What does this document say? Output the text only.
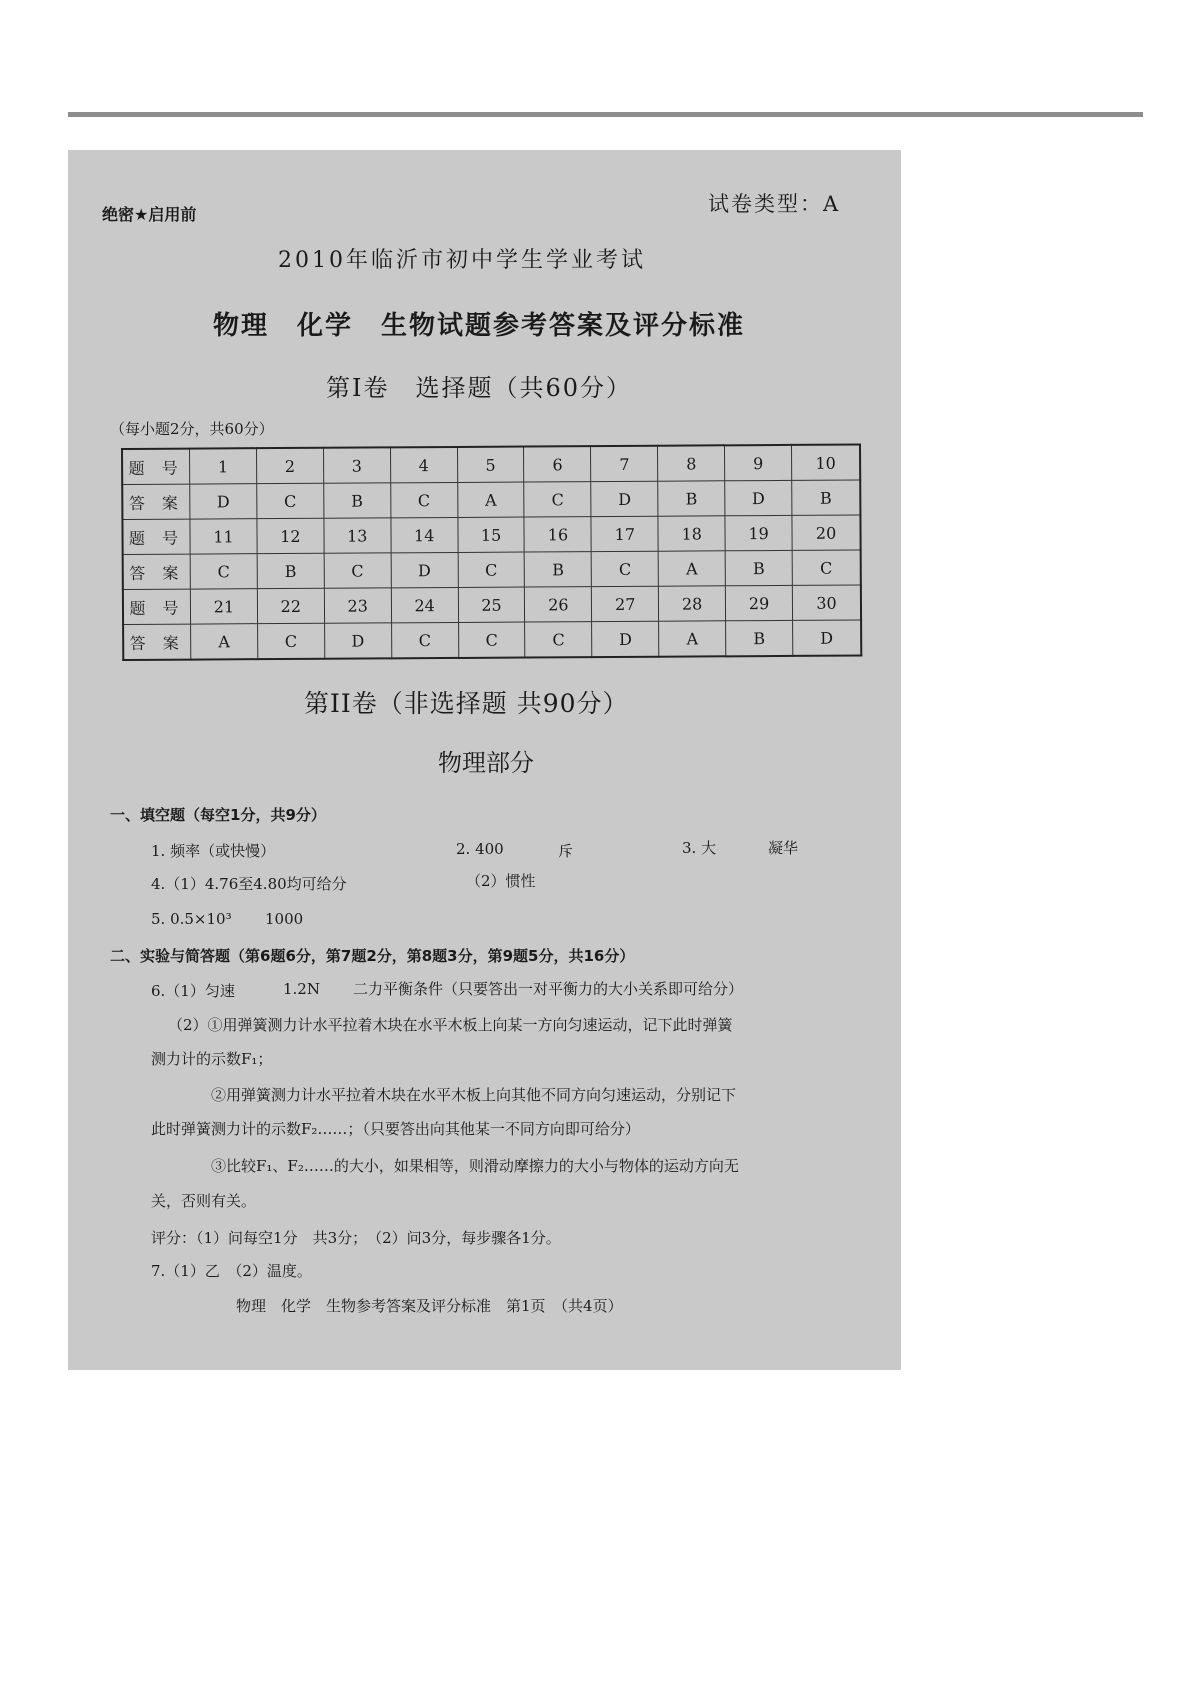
绝密★启用前	试卷类型：A
2010年临沂市初中学生学业考试
物理　化学　生物试题参考答案及评分标准
第Ⅰ卷　选择题（共60分）
（每小题2分，共60分）
题 号	1	2	3	4	5	6	7	8	9	10
答 案	D	C	B	C	A	C	D	B	D	B
题 号	11	12	13	14	15	16	17	18	19	20
答 案	C	B	C	D	C	B	C	A	B	C
题 号	21	22	23	24	25	26	27	28	29	30
答 案	A	C	D	C	C	C	D	A	B	D
第II卷（非选择题 共90分）
物理部分
一、填空题（每空1分，共9分）
1. 频率（或快慢）	2. 400	斥	3. 大	凝华
4.（1）4.76至4.80均可给分	（2）惯性
5. 0.5×10³ 1000
二、实验与简答题（第6题6分，第7题2分，第8题3分，第9题5分，共16分）
6.（1）匀速	1.2N 二力平衡条件（只要答出一对平衡力的大小关系即可给分）
（2）①用弹簧测力计水平拉着木块在水平木板上向某一方向匀速运动，记下此时弹簧
测力计的示数F₁；
②用弹簧测力计水平拉着木块在水平木板上向其他不同方向匀速运动，分别记下
此时弹簧测力计的示数F₂……；（只要答出向其他某一不同方向即可给分）
③比较F₁、F₂……的大小，如果相等，则滑动摩擦力的大小与物体的运动方向无
关，否则有关。
评分：（1）问每空1分　共3分；　（2）问3分，每步骤各1分。
7.（1）乙　（2）温度。
物理　化学　生物参考答案及评分标准　第1页　（共4页）
